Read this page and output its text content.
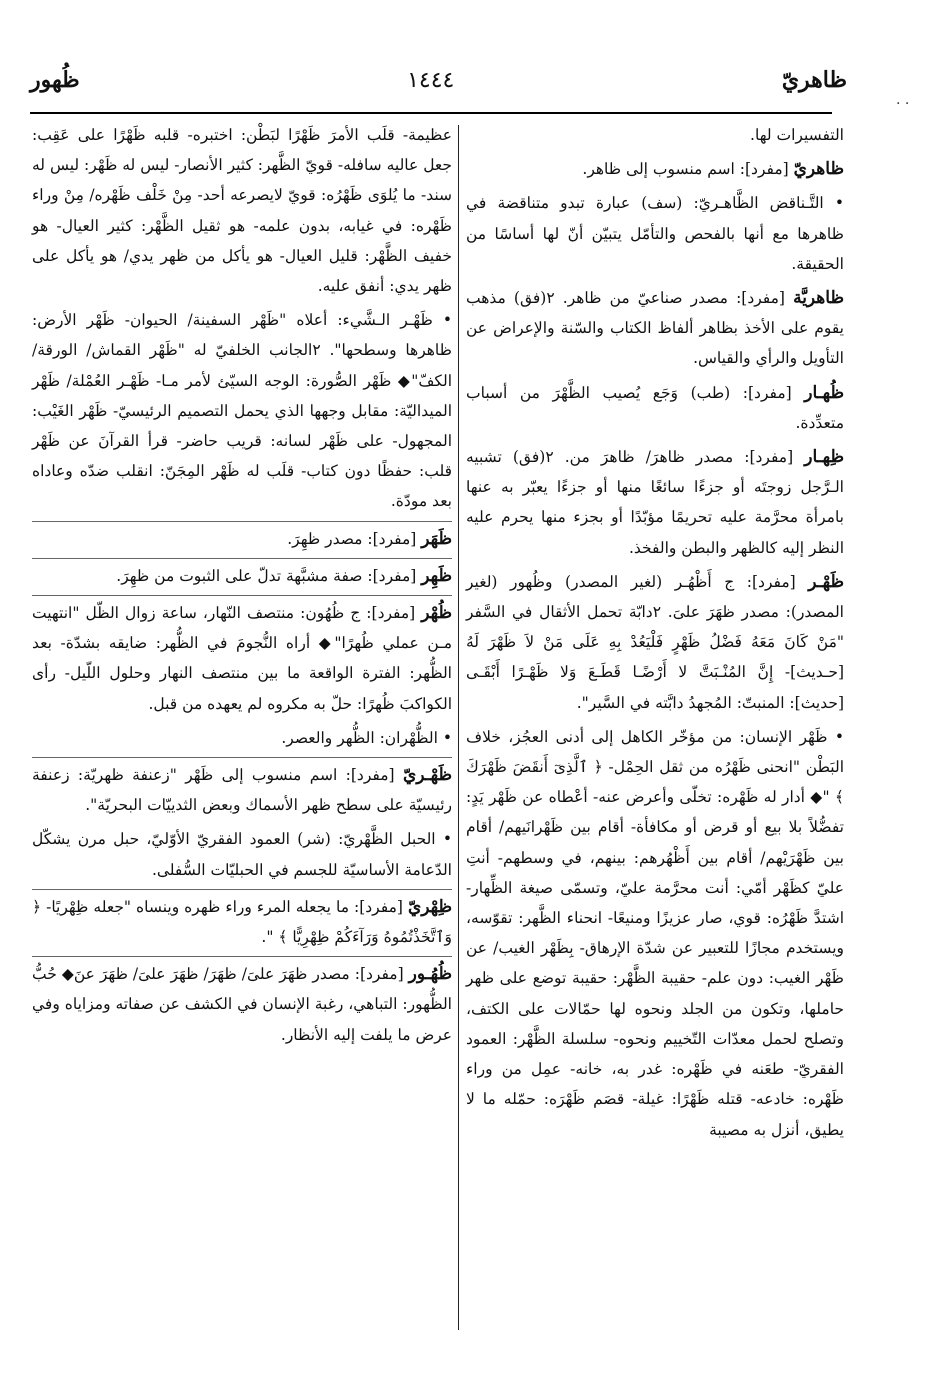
ظاهريّ
١٤٤٤
ظُهور
. .
التفسيرات لها.
ظاهريّ [مفرد]: اسم منسوب إلى ظاهر.
• التَّـناقض الظَّاهـريّ: (سف) عبارة تبدو متناقضة في ظاهرها مع أنها بالفحص والتأمّل يتبيّن أنّ لها أساسًا من الحقيقة.
ظاهريَّة [مفرد]: مصدر صناعيّ من ظاهر. ٢(فق) مذهب يقوم على الأخذ بظاهر ألفاظ الكتاب والسّنة والإعراض عن التأويل والرأي والقياس.
ظُهـار [مفرد]: (طب) وَجَع يُصيب الظَّهْرَ من أسباب متعدِّدة.
ظِهـار [مفرد]: مصدر ظاهرَ/ ظاهرَ من. ٢(فق) تشبيه الـرَّجل زوجتَه أو جزءًا سائغًا منها أو جزءًا يعبّر به عنها بامرأة محرَّمة عليه تحريمًا مؤبّدًا أو بجزء منها يحرم عليه النظر إليه كالظهر والبطن والفخذ.
ظَهْـر [مفرد]: ج أَظْهُـر (لغير المصدر) وظُهور (لغير المصدر): مصدر ظهَرَ علىَ. ٢دابّة تحمل الأثقال في السَّفر "مَنْ كَانَ مَعَهُ فَضْلُ ظَهْرٍ فَلْيَعُدْ بِهِ عَلَى مَنْ لاَ ظَهْرَ لَهُ [حـديث]- إِنَّ المُنْـبَتَّ لا أَرْضًـا قَطَـعَ وَلا ظَهْـرًا أَبْقَـى [حديث]: المنبتّ: المُجهدُ دابَّته في السَّير".
• ظَهْر الإنسان: من مؤخّر الكاهل إلى أدنى العجُز، خلاف البَطْن "انحنى ظَهْرُه من ثقل الحِمْل- ﴿ ٱلَّذِىٓ أَنقَضَ ظَهْرَكَ ﴾ "◆ أدار له ظَهْره: تخلّى وأعرض عنه- أعْطاه عن ظَهْر يَدٍ: تفضُّلاً بلا بيع أو قرض أو مكافأة- أقام بين ظَهْرانَيهم/ أقام بين ظَهْرَيْهم/ أقام بين أَظْهُرهم: بينهم، في وسطهم- أنتِ عليّ كظَهْر أمّي: أنت محرَّمة عليّ، وتسمّى صيغة الظِّهار- اشتدَّ ظَهْرُه: قوي، صار عزيزًا ومنيعًا- انحناء الظَّهر: تقوّسه، ويستخدم مجازًا للتعبير عن شدّة الإرهاق- بِظَهْر الغيب/ عن ظَهْر الغيب: دون علم- حقيبة الظَّهْر: حقيبة توضع على ظهر حاملها، وتكون من الجلد ونحوه لها حمّالات على الكتف، وتصلح لحمل معدّات التّخييم ونحوه- سلسلة الظَّهْر: العمود الفقريّ- طعَنه في ظَهْره: غدر به، خانه- عمِل من وراء ظَهْره: خادعه- قتله ظَهْرًا: غيلة- قصَم ظَهْرَه: حمّله ما لا يطيق، أنزل به مصيبة
عظيمة- قلَب الأمرَ ظَهْرًا لبَطْن: اختبره- قلبه ظَهْرًا على عَقِب: جعل عاليه سافله- قويّ الظَّهر: كثير الأنصار- ليس له ظَهْر: ليس له سند- ما يُلوَى ظَهْرُه: قويّ لايصرعه أحد- مِنْ خَلْف ظَهْره/ مِنْ وراء ظَهْره: في غيابه، بدون علمه- هو ثقيل الظَّهْر: كثير العيال- هو خفيف الظَّهْر: قليل العيال- هو يأكل من ظهر يدي/ هو يأكل على ظهر يدي: أنفق عليه.
• ظَهْـر الـشَّيء: أعلاه "ظَهْر السفينة/ الحيوان- ظَهْر الأرض: ظاهرها وسطحها". ٢الجانب الخلفيّ له "ظَهْر القماش/ الورقة/ الكفّ"◆ ظَهْر الصُّورة: الوجه السيّئ لأمر مـا- ظَهْـر العُمْلة/ ظَهْر الميداليّة: مقابل وجهها الذي يحمل التصميم الرئيسيّ- ظَهْر الغَيْب: المجهول- على ظَهْر لسانه: قريب حاضر- قرأ القرآنَ عن ظَهْر قلب: حفظًا دون كتاب- قلَب له ظَهْر المِجَنّ: انقلب ضدّه وعاداه بعد مودّة.
ظَهَر [مفرد]: مصدر ظهِرَ.
ظَهِر [مفرد]: صفة مشبَّهة تدلّ على الثبوت من ظهِرَ.
ظُهْر [مفرد]: ج ظُهُون: منتصف النّهار، ساعة زوال الظّل "انتهيت مـن عملي ظُهرًا"◆ أراه النُّجومَ في الظُّهر: ضايقه بشدّة- بعد الظُّهر: الفترة الواقعة ما بين منتصف النهار وحلول اللّيل- رأى الكواكبَ ظُهرًا: حلّ به مكروه لم يعهده من قبل.
• الظُّهْران: الظُّهر والعصر.
ظَهْـريّ [مفرد]: اسم منسوب إلى ظَهْر "زعنفة ظهريّة: زعنفة رئيسيّة على سطح ظهر الأسماك وبعض الثدييّات البحريّة".
• الحبل الظَّهْريّ: (شر) العمود الفقريّ الأوّليّ، حبل مرن يشكّل الدّعامة الأساسيّة للجسم في الحبليّات السُّفلى.
ظِهْريّ [مفرد]: ما يجعله المرء وراء ظهره وينساه "جعله ظِهْريًا- ﴿ وَٱتَّخَذْتُمُوهُ وَرَآءَكُمْ ظِهْرِيًّا ﴾ ".
ظُهُـور [مفرد]: مصدر ظهَرَ علىَ/ ظهَرَ/ ظهَرَ علىَ/ ظهَرَ عنَ◆ حُبُّ الظُّهور: التباهي، رغبة الإنسان في الكشف عن صفاته ومزاياه وفي عرض ما يلفت إليه الأنظار.
